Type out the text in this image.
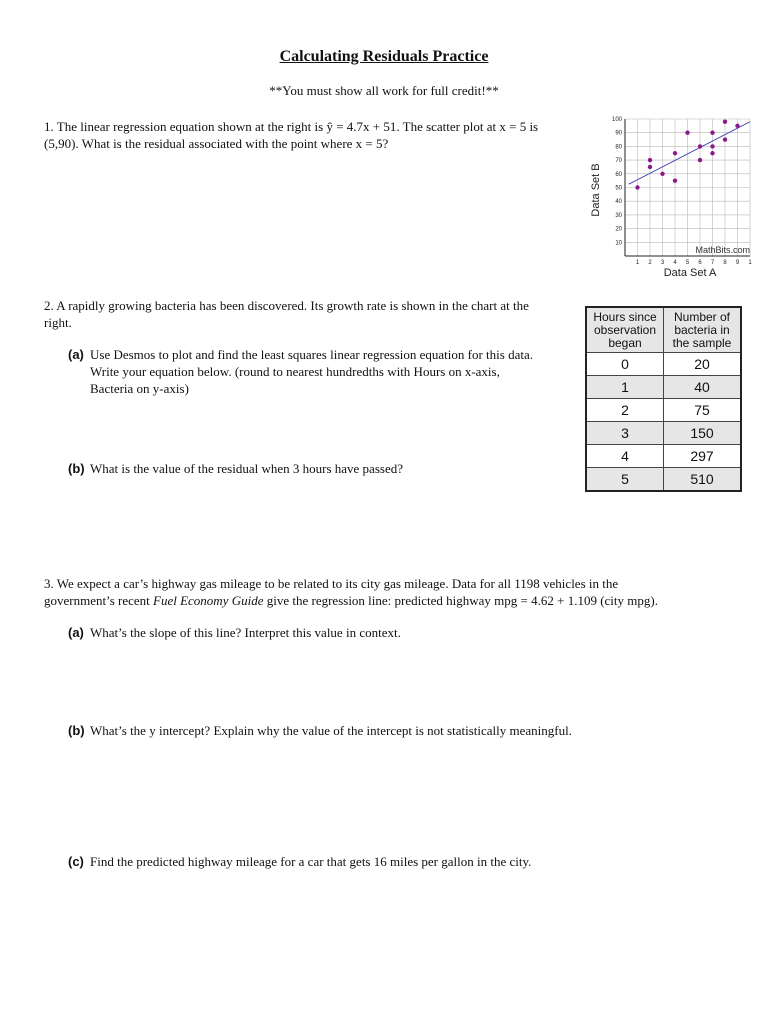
Calculating Residuals Practice
**You must show all work for full credit!**
1. The linear regression equation shown at the right is ŷ = 4.7x + 51. The scatter plot at x = 5 is
(5,90). What is the residual associated with the point where x = 5?
10
20
30
40
50
60
70
80
90
100
1 2 3 4 5 6 7 8 9 1
MathBits.com
Data Set A
Data Set B
2. A rapidly growing bacteria has been discovered. Its growth rate is shown in the chart at the
right.
(a) Use Desmos to plot and find the least squares linear regression equation for this data.
Write your equation below. (round to nearest hundredths with Hours on x-axis,
Bacteria on y-axis)
(b) What is the value of the residual when 3 hours have passed?
Hours since observation began	Number of bacteria in the sample
0	20
1	40
2	75
3	150
4	297
5	510
3. We expect a car’s highway gas mileage to be related to its city gas mileage. Data for all 1198 vehicles in the
government’s recent Fuel Economy Guide give the regression line: predicted highway mpg = 4.62 + 1.109 (city mpg).
(a) What’s the slope of this line? Interpret this value in context.
(b) What’s the y intercept? Explain why the value of the intercept is not statistically meaningful.
(c) Find the predicted highway mileage for a car that gets 16 miles per gallon in the city.
